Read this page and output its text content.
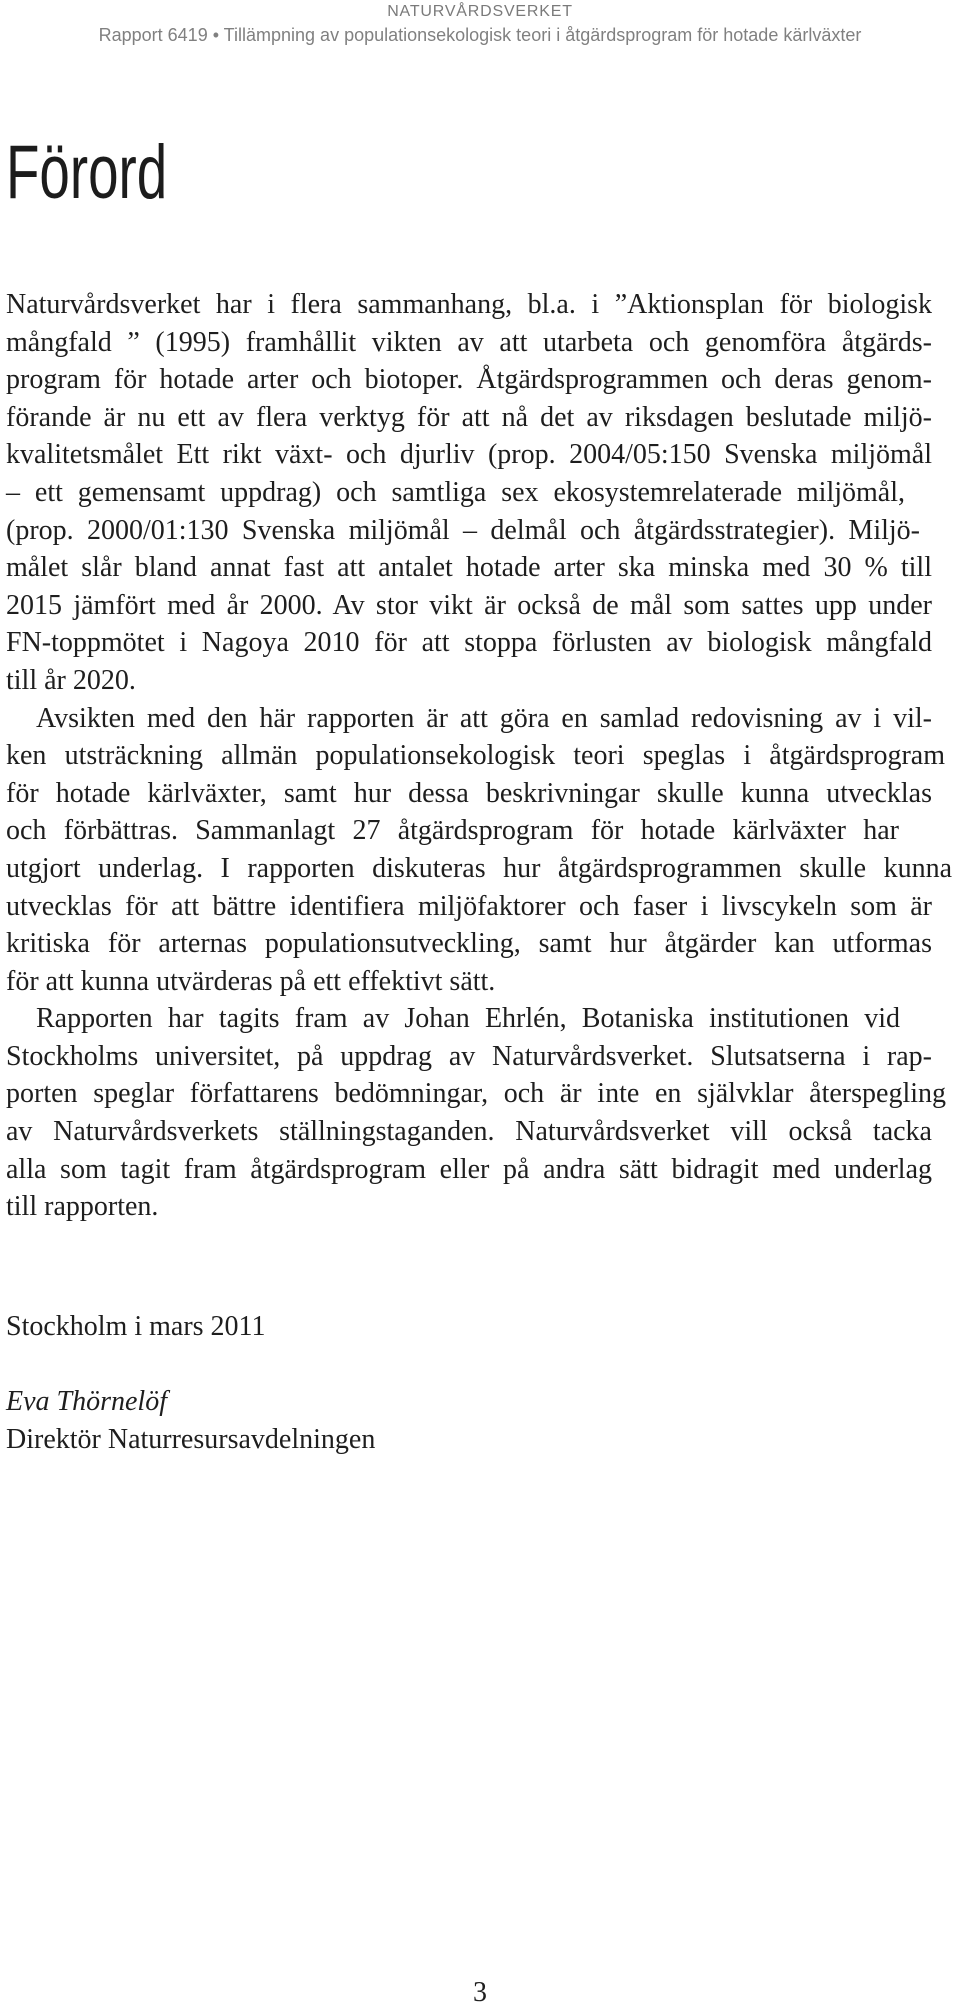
NATURVÅRDSVERKET
Rapport 6419 • Tillämpning av populationsekologisk teori i åtgärdsprogram för hotade kärlväxter
Förord
Naturvårdsverket har i flera sammanhang, bl.a. i ”Aktionsplan för biologisk
mångfald ” (1995) framhållit vikten av att utarbeta och genomföra åtgärds-
program för hotade arter och biotoper. Åtgärdsprogrammen och deras genom-
förande är nu ett av flera verktyg för att nå det av riksdagen beslutade miljö-
kvalitetsmålet Ett rikt växt- och djurliv (prop. 2004/05:150 Svenska miljömål
– ett gemensamt uppdrag) och samtliga sex ekosystemrelaterade miljömål,
(prop. 2000/01:130 Svenska miljömål – delmål och åtgärdsstrategier). Miljö-
målet slår bland annat fast att antalet hotade arter ska minska med 30 % till
2015 jämfört med år 2000. Av stor vikt är också de mål som sattes upp under
FN-toppmötet i Nagoya 2010 för att stoppa förlusten av biologisk mångfald
till år 2020.
Avsikten med den här rapporten är att göra en samlad redovisning av i vil-
ken utsträckning allmän populationsekologisk teori speglas i åtgärdsprogram
för hotade kärlväxter, samt hur dessa beskrivningar skulle kunna utvecklas
och förbättras. Sammanlagt 27 åtgärdsprogram för hotade kärlväxter har
utgjort underlag. I rapporten diskuteras hur åtgärdsprogrammen skulle kunna
utvecklas för att bättre identifiera miljöfaktorer och faser i livscykeln som är
kritiska för arternas populationsutveckling, samt hur åtgärder kan utformas
för att kunna utvärderas på ett effektivt sätt.
Rapporten har tagits fram av Johan Ehrlén, Botaniska institutionen vid
Stockholms universitet, på uppdrag av Naturvårdsverket. Slutsatserna i rap-
porten speglar författarens bedömningar, och är inte en självklar återspegling
av Naturvårdsverkets ställningstaganden. Naturvårdsverket vill också tacka
alla som tagit fram åtgärdsprogram eller på andra sätt bidragit med underlag
till rapporten.
Stockholm i mars 2011
Eva Thörnelöf
Direktör Naturresursavdelningen
3
